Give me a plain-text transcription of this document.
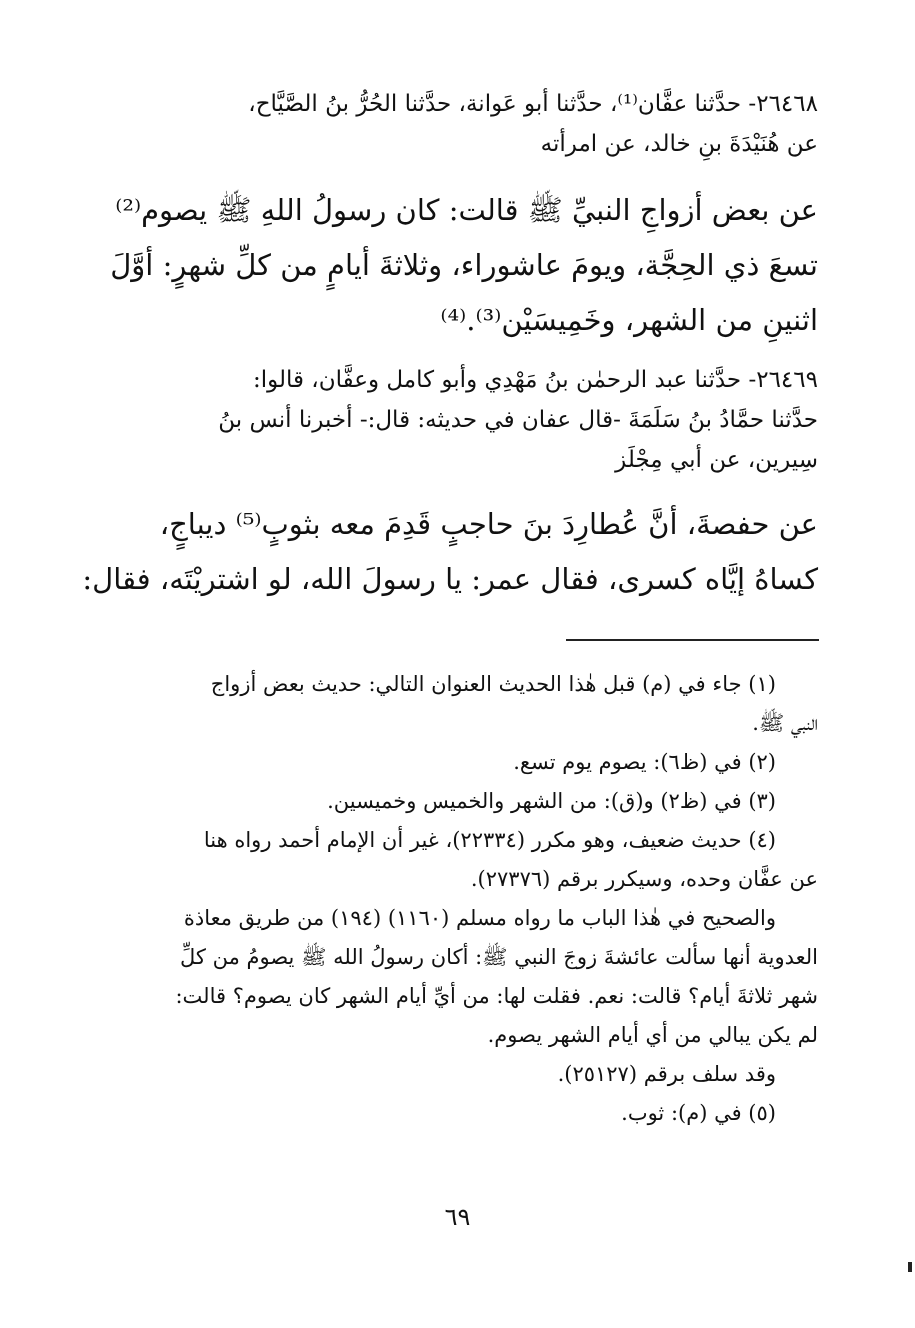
٢٦٤٦٨- حدَّثنا عفَّان⁽¹⁾، حدَّثنا أبو عَوانة، حدَّثنا الحُرُّ بنُ الصَّيَّاح،
عن هُنَيْدَةَ بنِ خالد، عن امرأته
عن بعض أزواجِ النبيِّ ﷺ قالت: كان رسولُ اللهِ ﷺ يصوم⁽²⁾
تسعَ ذي الحِجَّة، ويومَ عاشوراء، وثلاثةَ أيامٍ من كلِّ شهرٍ: أوَّلَ
اثنينِ من الشهر، وخَمِيسَيْن⁽³⁾.⁽⁴⁾
٢٦٤٦٩- حدَّثنا عبد الرحمٰن بنُ مَهْدِي وأبو كامل وعفَّان، قالوا:
حدَّثنا حمَّادُ بنُ سَلَمَةَ -قال عفان في حديثه: قال:- أخبرنا أنس بنُ
سِيرين، عن أبي مِجْلَز
عن حفصةَ، أنَّ عُطارِدَ بنَ حاجبٍ قَدِمَ معه بثوبٍ⁽⁵⁾ ديباجٍ،
كساهُ إيَّاه كسرى، فقال عمر: يا رسولَ الله، لو اشتريْتَه، فقال:
(١) جاء في (م) قبل هٰذا الحديث العنوان التالي: حديث بعض أزواج
النبي ﷺ.
(٢) في (ظ٦): يصوم يوم تسع.
(٣) في (ظ٢) و(ق): من الشهر والخميس وخميسين.
(٤) حديث ضعيف، وهو مكرر (٢٢٣٣٤)، غير أن الإمام أحمد رواه هنا
عن عفَّان وحده، وسيكرر برقم (٢٧٣٧٦).
والصحيح في هٰذا الباب ما رواه مسلم (١١٦٠) (١٩٤) من طريق معاذة
العدوية أنها سألت عائشةَ زوجَ النبي ﷺ: أكان رسولُ الله ﷺ يصومُ من كلِّ
شهر ثلاثةَ أيام؟ قالت: نعم. فقلت لها: من أيِّ أيام الشهر كان يصوم؟ قالت:
لم يكن يبالي من أي أيام الشهر يصوم.
وقد سلف برقم (٢٥١٢٧).
(٥) في (م): ثوب.
٦٩
